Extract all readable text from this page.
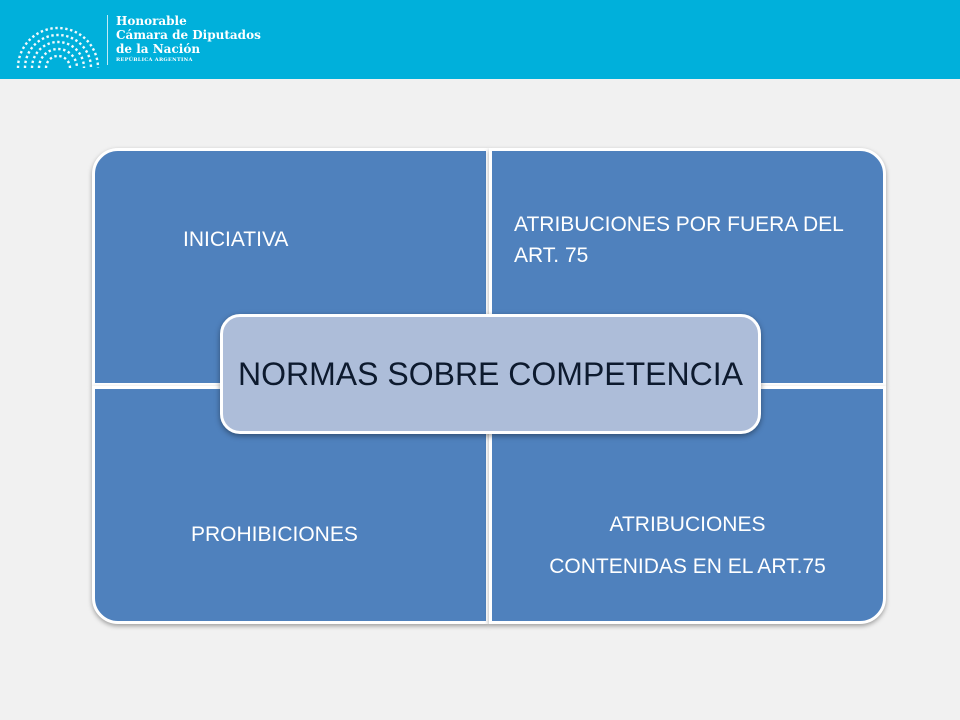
Honorable
Cámara de Diputados
de la Nación
REPÚBLICA ARGENTINA
INICIATIVA
ATRIBUCIONES POR FUERA DEL ART. 75
PROHIBICIONES	ATRIBUCIONES
CONTENIDAS EN EL ART.75
NORMAS SOBRE COMPETENCIA
